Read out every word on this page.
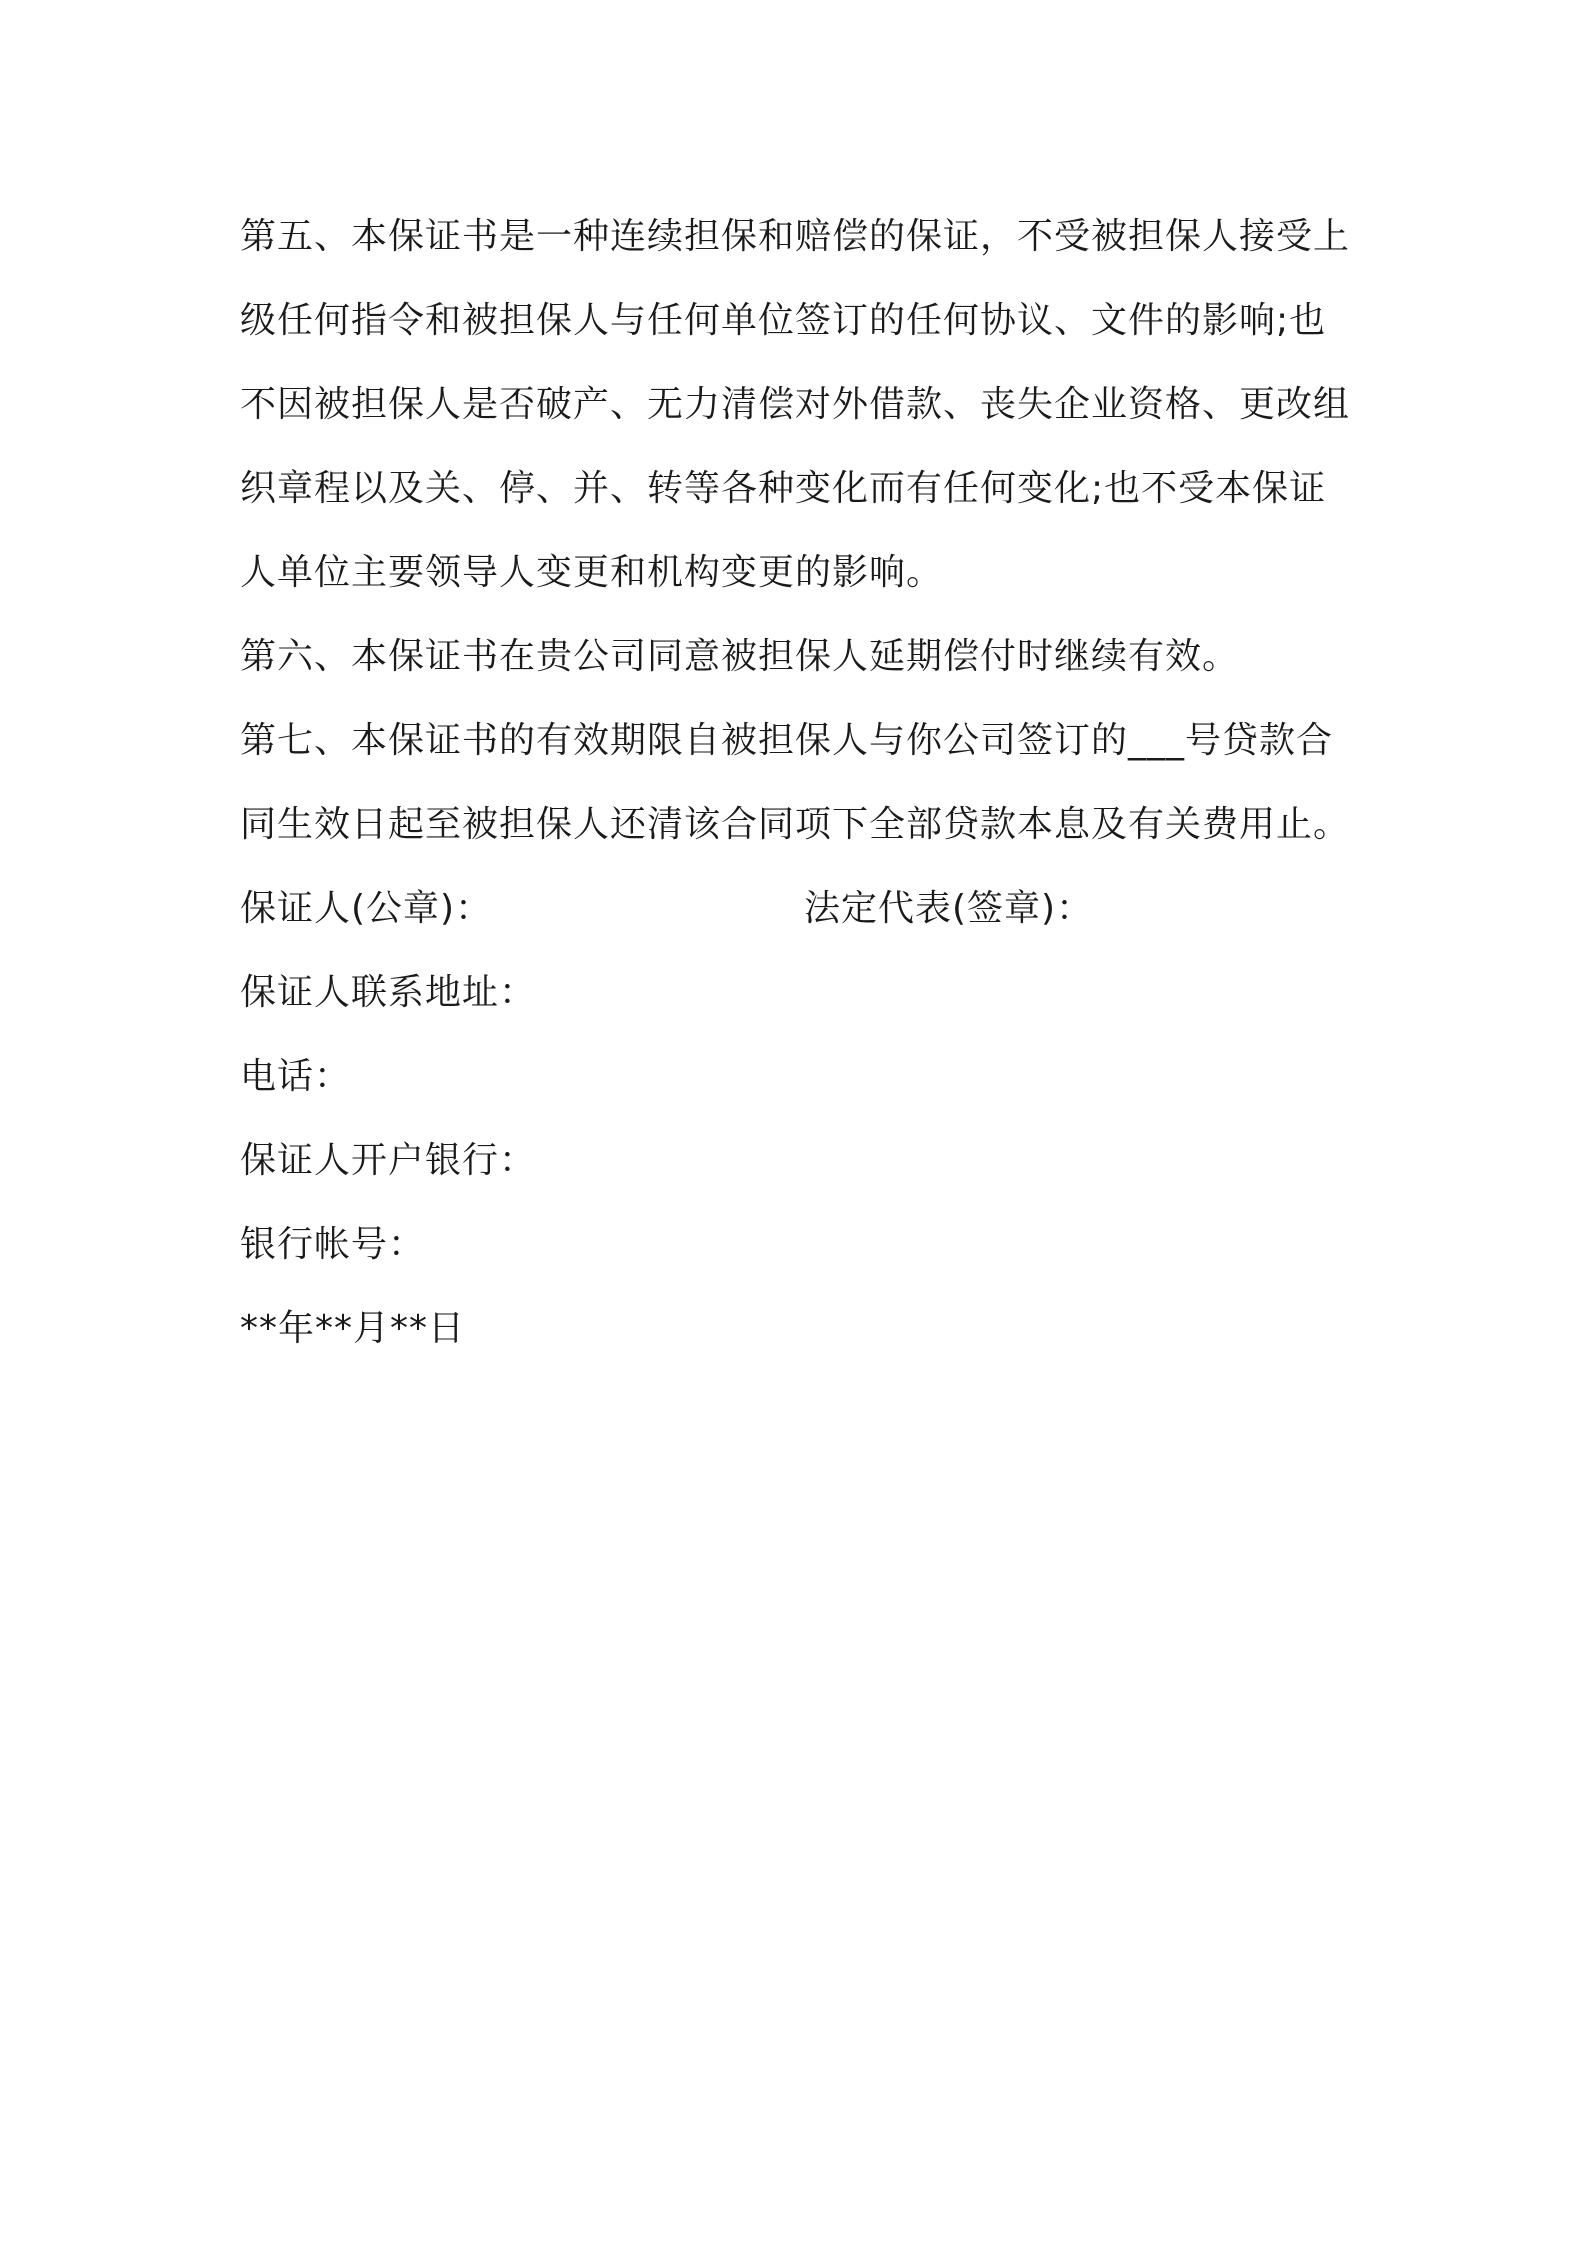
第五、本保证书是一种连续担保和赔偿的保证，不受被担保人接受上
级任何指令和被担保人与任何单位签订的任何协议、文件的影响;也
不因被担保人是否破产、无力清偿对外借款、丧失企业资格、更改组
织章程以及关、停、并、转等各种变化而有任何变化;也不受本保证
人单位主要领导人变更和机构变更的影响。
第六、本保证书在贵公司同意被担保人延期偿付时继续有效。
第七、本保证书的有效期限自被担保人与你公司签订的___号贷款合
同生效日起至被担保人还清该合同项下全部贷款本息及有关费用止。
保证人(公章)：	法定代表(签章)：
保证人联系地址：
电话：
保证人开户银行：
银行帐号：
**年**月**日
